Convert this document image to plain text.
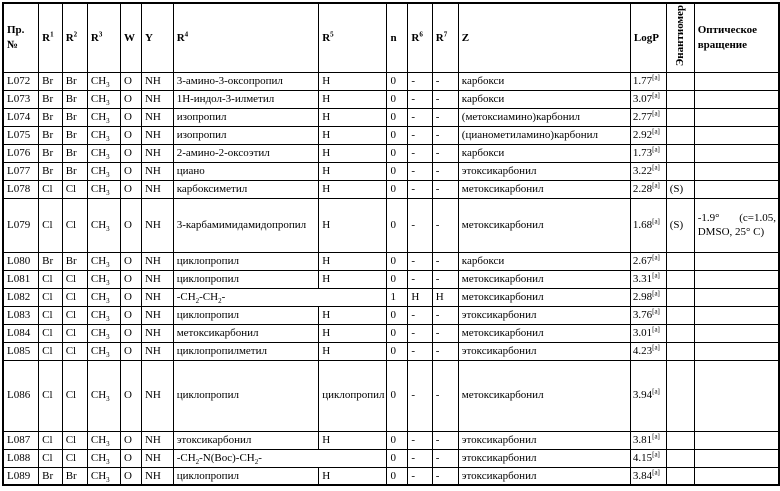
Пр. №	$R^1$	$R^2$	$R^3$	W	Y	$R^4$	$R^5$	n	$R^6$	$R^7$	Z	LogP	Энантиомер	Оптическое вращение
L072	Br	Br	$CH_3$	O	NH	3-амино-3-оксопропил	H	0	-	-	карбокси	1.77[a]		
L073	Br	Br	$CH_3$	O	NH	1Н-индол-3-илметил	H	0	-	-	карбокси	3.07[a]		
L074	Br	Br	$CH_3$	O	NH	изопропил	H	0	-	-	(метоксиамино)карбонил	2.77[a]		
L075	Br	Br	$CH_3$	O	NH	изопропил	H	0	-	-	(цианометиламино)карбонил	2.92[a]		
L076	Br	Br	$CH_3$	O	NH	2-амино-2-оксоэтил	H	0	-	-	карбокси	1.73[a]		
L077	Br	Br	$CH_3$	O	NH	циано	H	0	-	-	этоксикарбонил	3.22[a]		
L078	Cl	Cl	$CH_3$	O	NH	карбоксиметил	H	0	-	-	метоксикарбонил	2.28[a]	(S)	
L079	Cl	Cl	$CH_3$	O	NH	3-карбамимидамидопропил	H	0	-	-	метоксикарбонил	1.68[a]	(S)	-1.9° (c=1.05, DMSO, 25° C)
L080	Br	Br	$CH_3$	O	NH	циклопропил	H	0	-	-	карбокси	2.67[a]		
L081	Cl	Cl	$CH_3$	O	NH	циклопропил	H	0	-	-	метоксикарбонил	3.31[a]		
L082	Cl	Cl	$CH_3$	O	NH	$-CH_2-CH_2-$		1	H	H	метоксикарбонил	2.98[a]		
L083	Cl	Cl	$CH_3$	O	NH	циклопропил	H	0	-	-	этоксикарбонил	3.76[a]		
L084	Cl	Cl	$CH_3$	O	NH	метоксикарбонил	H	0	-	-	метоксикарбонил	3.01[a]		
L085	Cl	Cl	$CH_3$	O	NH	циклопропилметил	H	0	-	-	этоксикарбонил	4.23[a]		
L086	Cl	Cl	$CH_3$	O	NH	циклопропил	циклопропил	0	-	-	метоксикарбонил	3.94[a]		
L087	Cl	Cl	$CH_3$	O	NH	этоксикарбонил	H	0	-	-	этоксикарбонил	3.81[a]		
L088	Cl	Cl	$CH_3$	O	NH	$-CH_2-N(Boc)-CH_2-$		0	-	-	этоксикарбонил	4.15[a]		
L089	Br	Br	$CH_3$	O	NH	циклопропил	H	0	-	-	этоксикарбонил	3.84[a]		
